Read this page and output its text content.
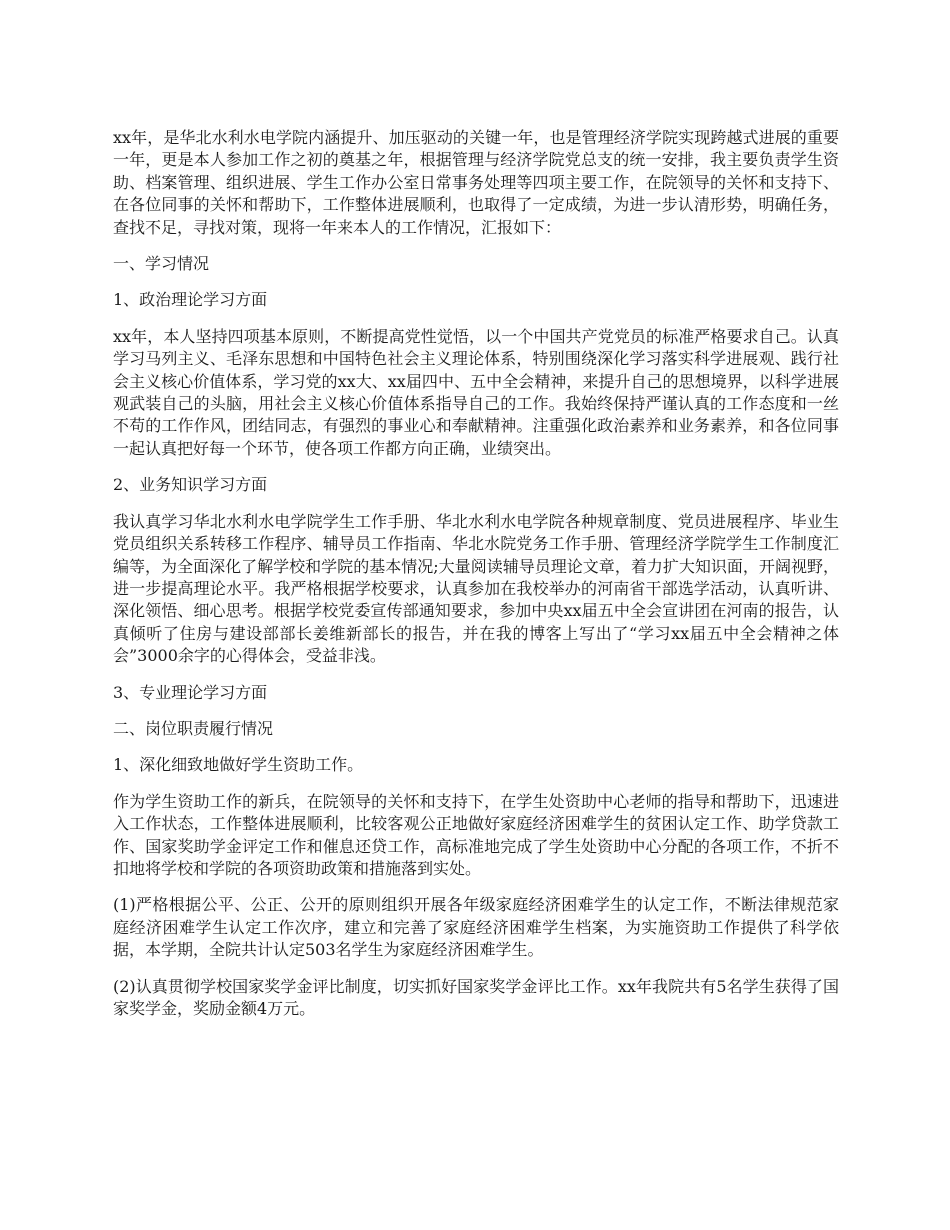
xx年，是华北水利水电学院内涵提升、加压驱动的关键一年，也是管理经济学院实现跨越式进展的重要一年，更是本人参加工作之初的奠基之年，根据管理与经济学院党总支的统一安排，我主要负责学生资助、档案管理、组织进展、学生工作办公室日常事务处理等四项主要工作，在院领导的关怀和支持下、在各位同事的关怀和帮助下，工作整体进展顺利，也取得了一定成绩，为进一步认清形势，明确任务，查找不足，寻找对策，现将一年来本人的工作情况，汇报如下：

一、学习情况

1、政治理论学习方面

xx年，本人坚持四项基本原则，不断提高党性觉悟，以一个中国共产党党员的标准严格要求自己。认真学习马列主义、毛泽东思想和中国特色社会主义理论体系，特别围绕深化学习落实科学进展观、践行社会主义核心价值体系，学习党的xx大、xx届四中、五中全会精神，来提升自己的思想境界，以科学进展观武装自己的头脑，用社会主义核心价值体系指导自己的工作。我始终保持严谨认真的工作态度和一丝不苟的工作作风，团结同志，有强烈的事业心和奉献精神。注重强化政治素养和业务素养，和各位同事一起认真把好每一个环节，使各项工作都方向正确，业绩突出。

2、业务知识学习方面

我认真学习华北水利水电学院学生工作手册、华北水利水电学院各种规章制度、党员进展程序、毕业生党员组织关系转移工作程序、辅导员工作指南、华北水院党务工作手册、管理经济学院学生工作制度汇编等，为全面深化了解学校和学院的基本情况;大量阅读辅导员理论文章，着力扩大知识面，开阔视野，进一步提高理论水平。我严格根据学校要求，认真参加在我校举办的河南省干部选学活动，认真听讲、深化领悟、细心思考。根据学校党委宣传部通知要求，参加中央xx届五中全会宣讲团在河南的报告，认真倾听了住房与建设部部长姜维新部长的报告，并在我的博客上写出了“学习xx届五中全会精神之体会”3000余字的心得体会，受益非浅。

3、专业理论学习方面

二、岗位职责履行情况

1、深化细致地做好学生资助工作。

作为学生资助工作的新兵，在院领导的关怀和支持下，在学生处资助中心老师的指导和帮助下，迅速进入工作状态，工作整体进展顺利，比较客观公正地做好家庭经济困难学生的贫困认定工作、助学贷款工作、国家奖助学金评定工作和催息还贷工作，高标准地完成了学生处资助中心分配的各项工作，不折不扣地将学校和学院的各项资助政策和措施落到实处。

(1)严格根据公平、公正、公开的原则组织开展各年级家庭经济困难学生的认定工作，不断法律规范家庭经济困难学生认定工作次序，建立和完善了家庭经济困难学生档案，为实施资助工作提供了科学依据，本学期，全院共计认定503名学生为家庭经济困难学生。

(2)认真贯彻学校国家奖学金评比制度，切实抓好国家奖学金评比工作。xx年我院共有5名学生获得了国家奖学金，奖励金额4万元。
